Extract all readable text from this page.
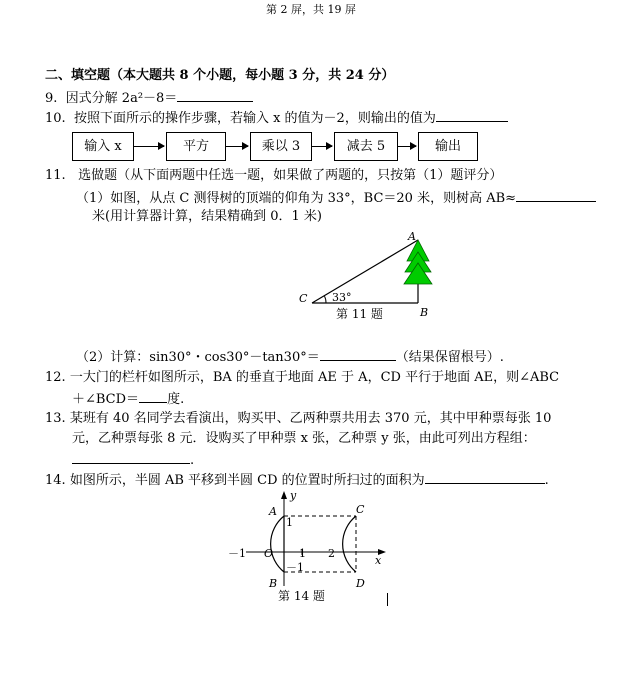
第 2 屏，共 19 屏
二、填空题（本大题共 8 个小题，每小题 3 分，共 24 分）
9. 因式分解 2a²－8＝
10. 按照下面所示的操作步骤，若输入 x 的值为－2，则输出的值为
输入 x	平方	乘以 3	减去 5	输出
11. 选做题（从下面两题中任选一题，如果做了两题的，只按第（1）题评分）
（1）如图，从点 C 测得树的顶端的仰角为 33°，BC＝20 米，则树高 AB≈
米(用计算器计算，结果精确到 0．1 米)
A
B
C 33°
第 11 题
（2）计算：sin30°・cos30°－tan30°＝	（结果保留根号）.
12. 一大门的栏杆如图所示，BA 的垂直于地面 AE 于 A，CD 平行于地面 AE，则∠ABC
＋∠BCD＝ 度.
13. 某班有 40 名同学去看演出，购买甲、乙两种票共用去 370 元，其中甲种票每张 10
元，乙种票每张 8 元．设购买了甲种票 x 张，乙种票 y 张，由此可列出方程组：
.
14. 如图所示，半圆 AB 平移到半圆 CD 的位置时所扫过的面积为	.
y
x
A
B
C
D
O
1
1
－1
－1
2
第 14 题
